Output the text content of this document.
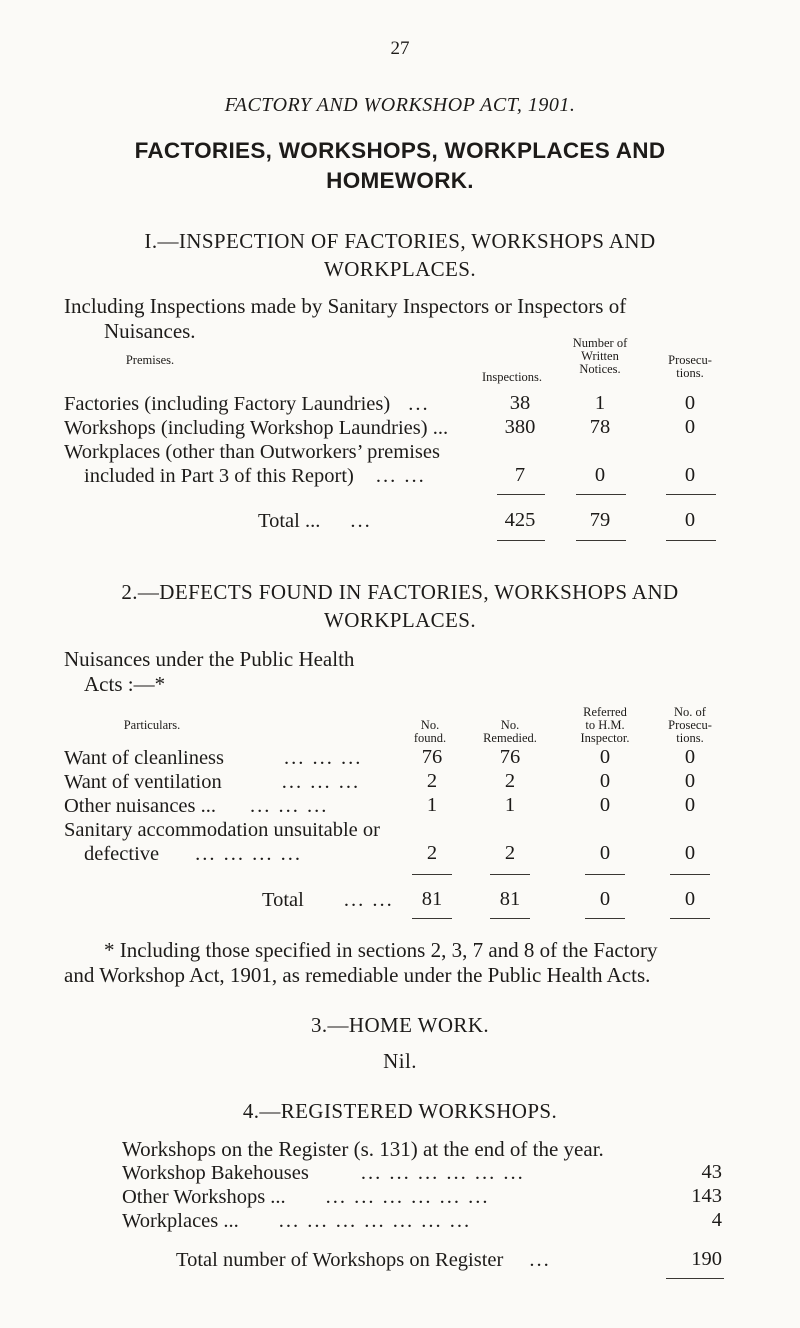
27
FACTORY AND WORKSHOP ACT, 1901.
FACTORIES, WORKSHOPS, WORKPLACES AND
HOMEWORK.
I.—INSPECTION OF FACTORIES, WORKSHOPS AND
WORKPLACES.
Including Inspections made by Sanitary Inspectors or Inspectors of
Nuisances.
Premises.
Inspections.
Number of
Written
Notices.
Prosecu-
tions.
Factories (including Factory Laundries) ...	38	1	0
Workshops (including Workshop Laundries) ...	380	78	0
Workplaces (other than Outworkers’ premises
included in Part 3 of this Report) ... ...	7	0	0
Total ... ...	425	79	0
2.—DEFECTS FOUND IN FACTORIES, WORKSHOPS AND
WORKPLACES.
Nuisances under the Public Health
Acts :—*
Particulars.	No.
found.
No.
Remedied.
Referred
to H.M.
Inspector.
No. of
Prosecu-
tions.
Want of cleanliness	... ... ...	76	76	0	0
Want of ventilation	... ... ...	2	2	0	0
Other nuisances ... ... ... ...	1	1	0	0
Sanitary accommodation unsuitable or
defective ... ... ... ...	2	2	0	0
Total ... ...	81	81	0	0
* Including those specified in sections 2, 3, 7 and 8 of the Factory
and Workshop Act, 1901, as remediable under the Public Health Acts.
3.—HOME WORK.
Nil.
4.—REGISTERED WORKSHOPS.
Workshops on the Register (s. 131) at the end of the year.
Workshop Bakehouses	... ... ... ... ... ...	43
Other Workshops ... ... ... ... ... ... ...	143
Workplaces ... ... ... ... ... ... ... ...	4
Total number of Workshops on Register ...	190
